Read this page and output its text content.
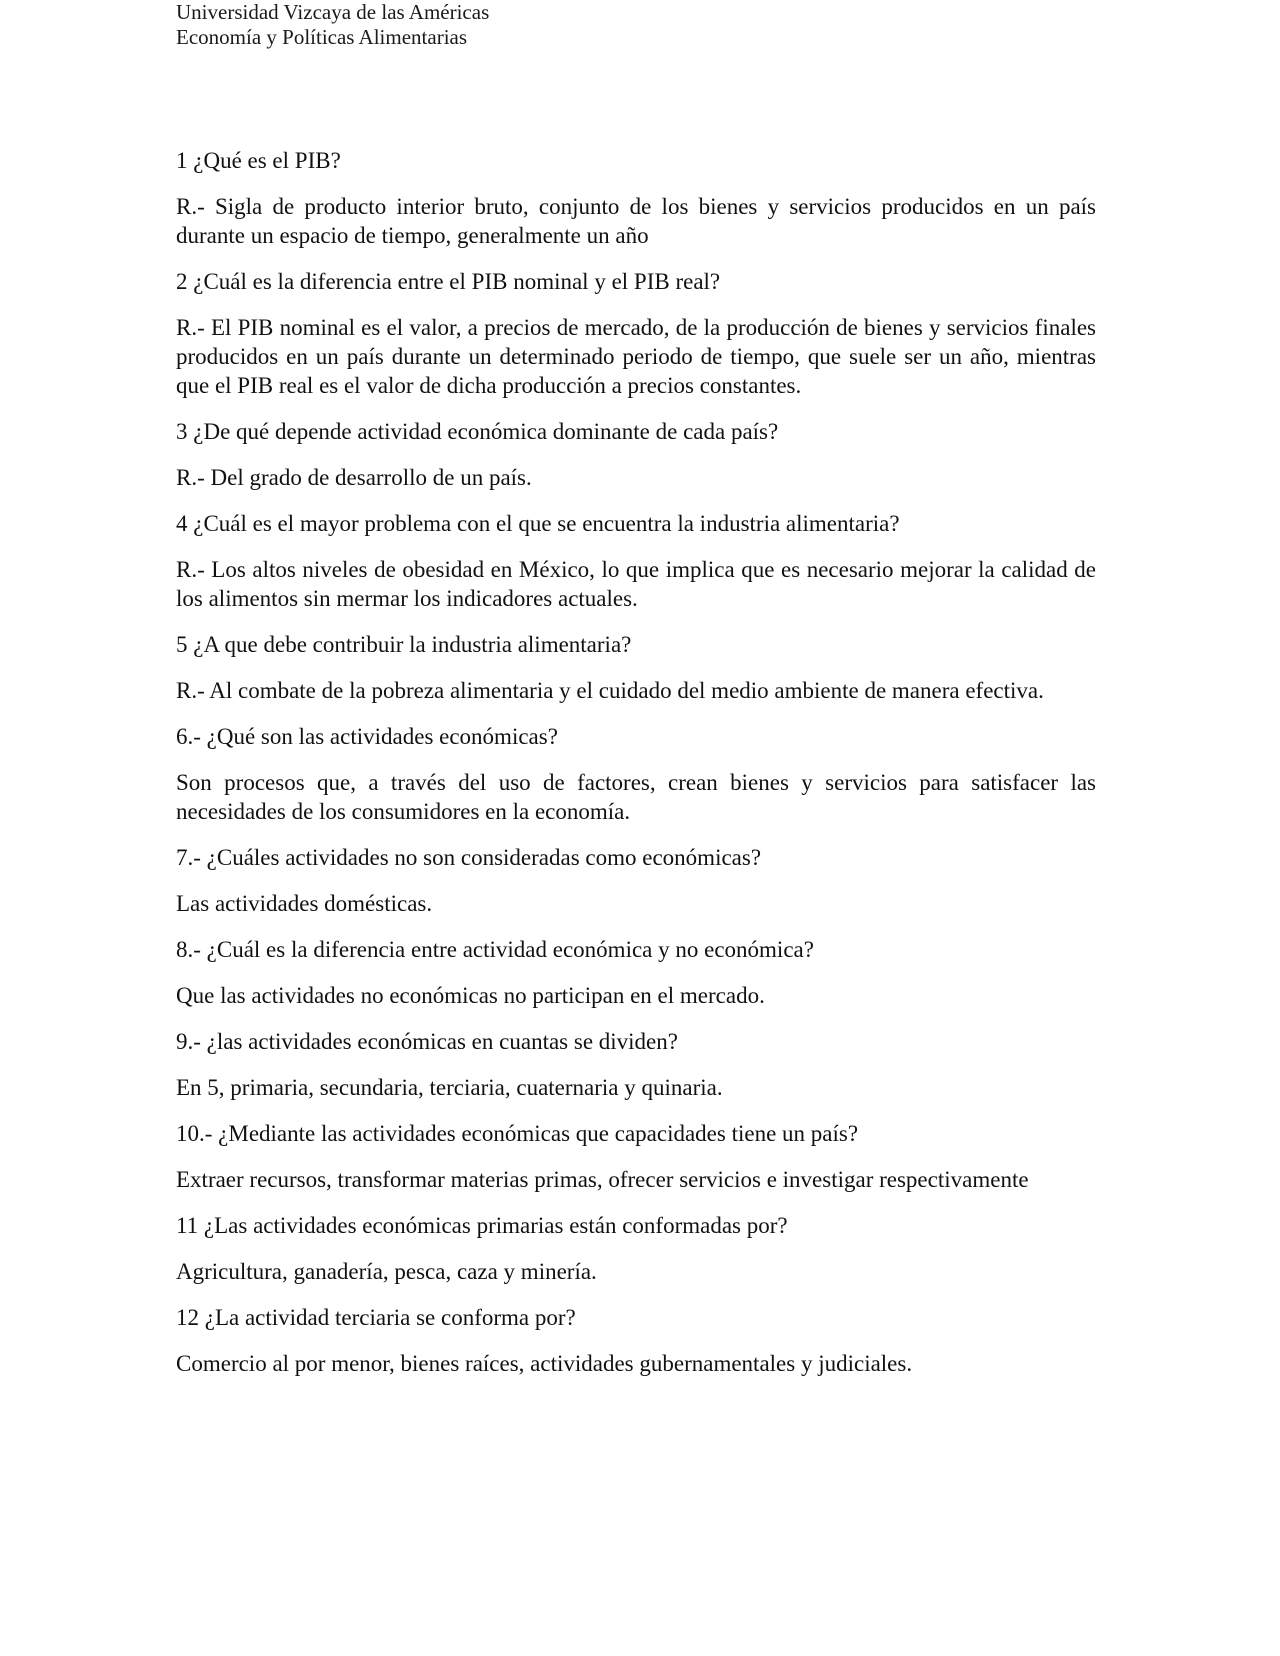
Universidad Vizcaya de las Américas
Economía y Políticas Alimentarias

1 ¿Qué es el PIB?

R.- Sigla de producto interior bruto, conjunto de los bienes y servicios producidos en un país durante un espacio de tiempo, generalmente un año

2 ¿Cuál es la diferencia entre el PIB nominal y el PIB real?

R.- El PIB nominal es el valor, a precios de mercado, de la producción de bienes y servicios finales producidos en un país durante un determinado periodo de tiempo, que suele ser un año, mientras que el PIB real es el valor de dicha producción a precios constantes.

3 ¿De qué depende actividad económica dominante de cada país?

R.- Del grado de desarrollo de un país.

4 ¿Cuál es el mayor problema con el que se encuentra la industria alimentaria?

R.- Los altos niveles de obesidad en México, lo que implica que es necesario mejorar la calidad de los alimentos sin mermar los indicadores actuales.

5 ¿A que debe contribuir la industria alimentaria?

R.- Al combate de la pobreza alimentaria y el cuidado del medio ambiente de manera efectiva.

6.- ¿Qué son las actividades económicas?

Son procesos que, a través del uso de factores, crean bienes y servicios para satisfacer las necesidades de los consumidores en la economía.

7.- ¿Cuáles actividades no son consideradas como económicas?

Las actividades domésticas.

8.- ¿Cuál es la diferencia entre actividad económica y no económica?

Que las actividades no económicas no participan en el mercado.

9.- ¿las actividades económicas en cuantas se dividen?

En 5, primaria, secundaria, terciaria, cuaternaria y quinaria.

10.- ¿Mediante las actividades económicas que capacidades tiene un país?

Extraer recursos, transformar materias primas, ofrecer servicios e investigar respectivamente

11 ¿Las actividades económicas primarias están conformadas por?

Agricultura, ganadería, pesca, caza y minería.

12 ¿La actividad terciaria se conforma por?

Comercio al por menor, bienes raíces, actividades gubernamentales y judiciales.
